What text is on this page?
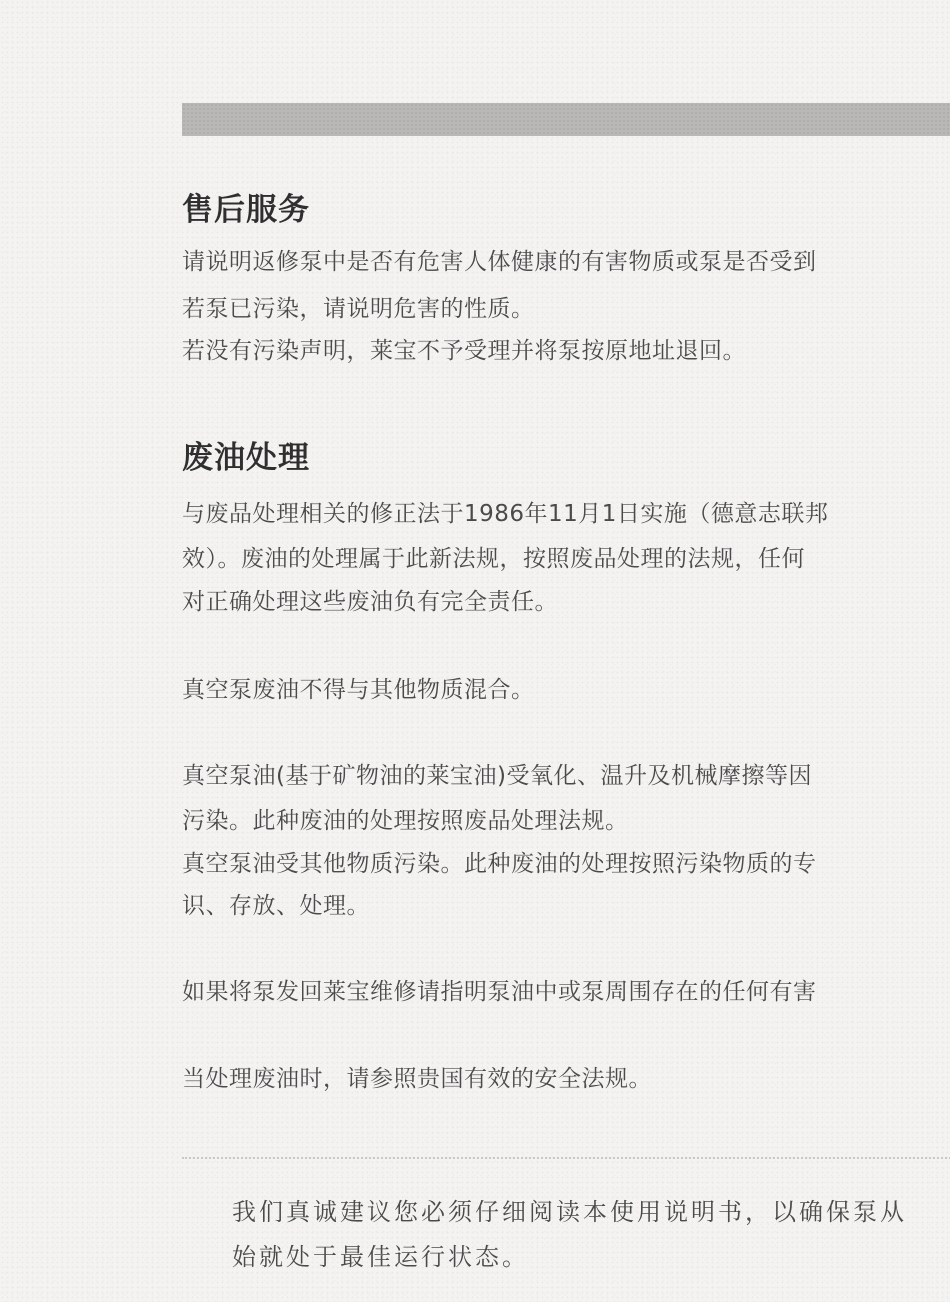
售后服务

请说明返修泵中是否有危害人体健康的有害物质或泵是否受到

若泵已污染，请说明危害的性质。

若没有污染声明，莱宝不予受理并将泵按原地址退回。

废油处理

与废品处理相关的修正法于1986年11月1日实施（德意志联邦

效）。废油的处理属于此新法规，按照废品处理的法规，任何

对正确处理这些废油负有完全责任。

真空泵废油不得与其他物质混合。

真空泵油(基于矿物油的莱宝油)受氧化、温升及机械摩擦等因

污染。此种废油的处理按照废品处理法规。

真空泵油受其他物质污染。此种废油的处理按照污染物质的专

识、存放、处理。

如果将泵发回莱宝维修请指明泵油中或泵周围存在的任何有害

当处理废油时，请参照贵国有效的安全法规。

我们真诚建议您必须仔细阅读本使用说明书，以确保泵从

始就处于最佳运行状态。
